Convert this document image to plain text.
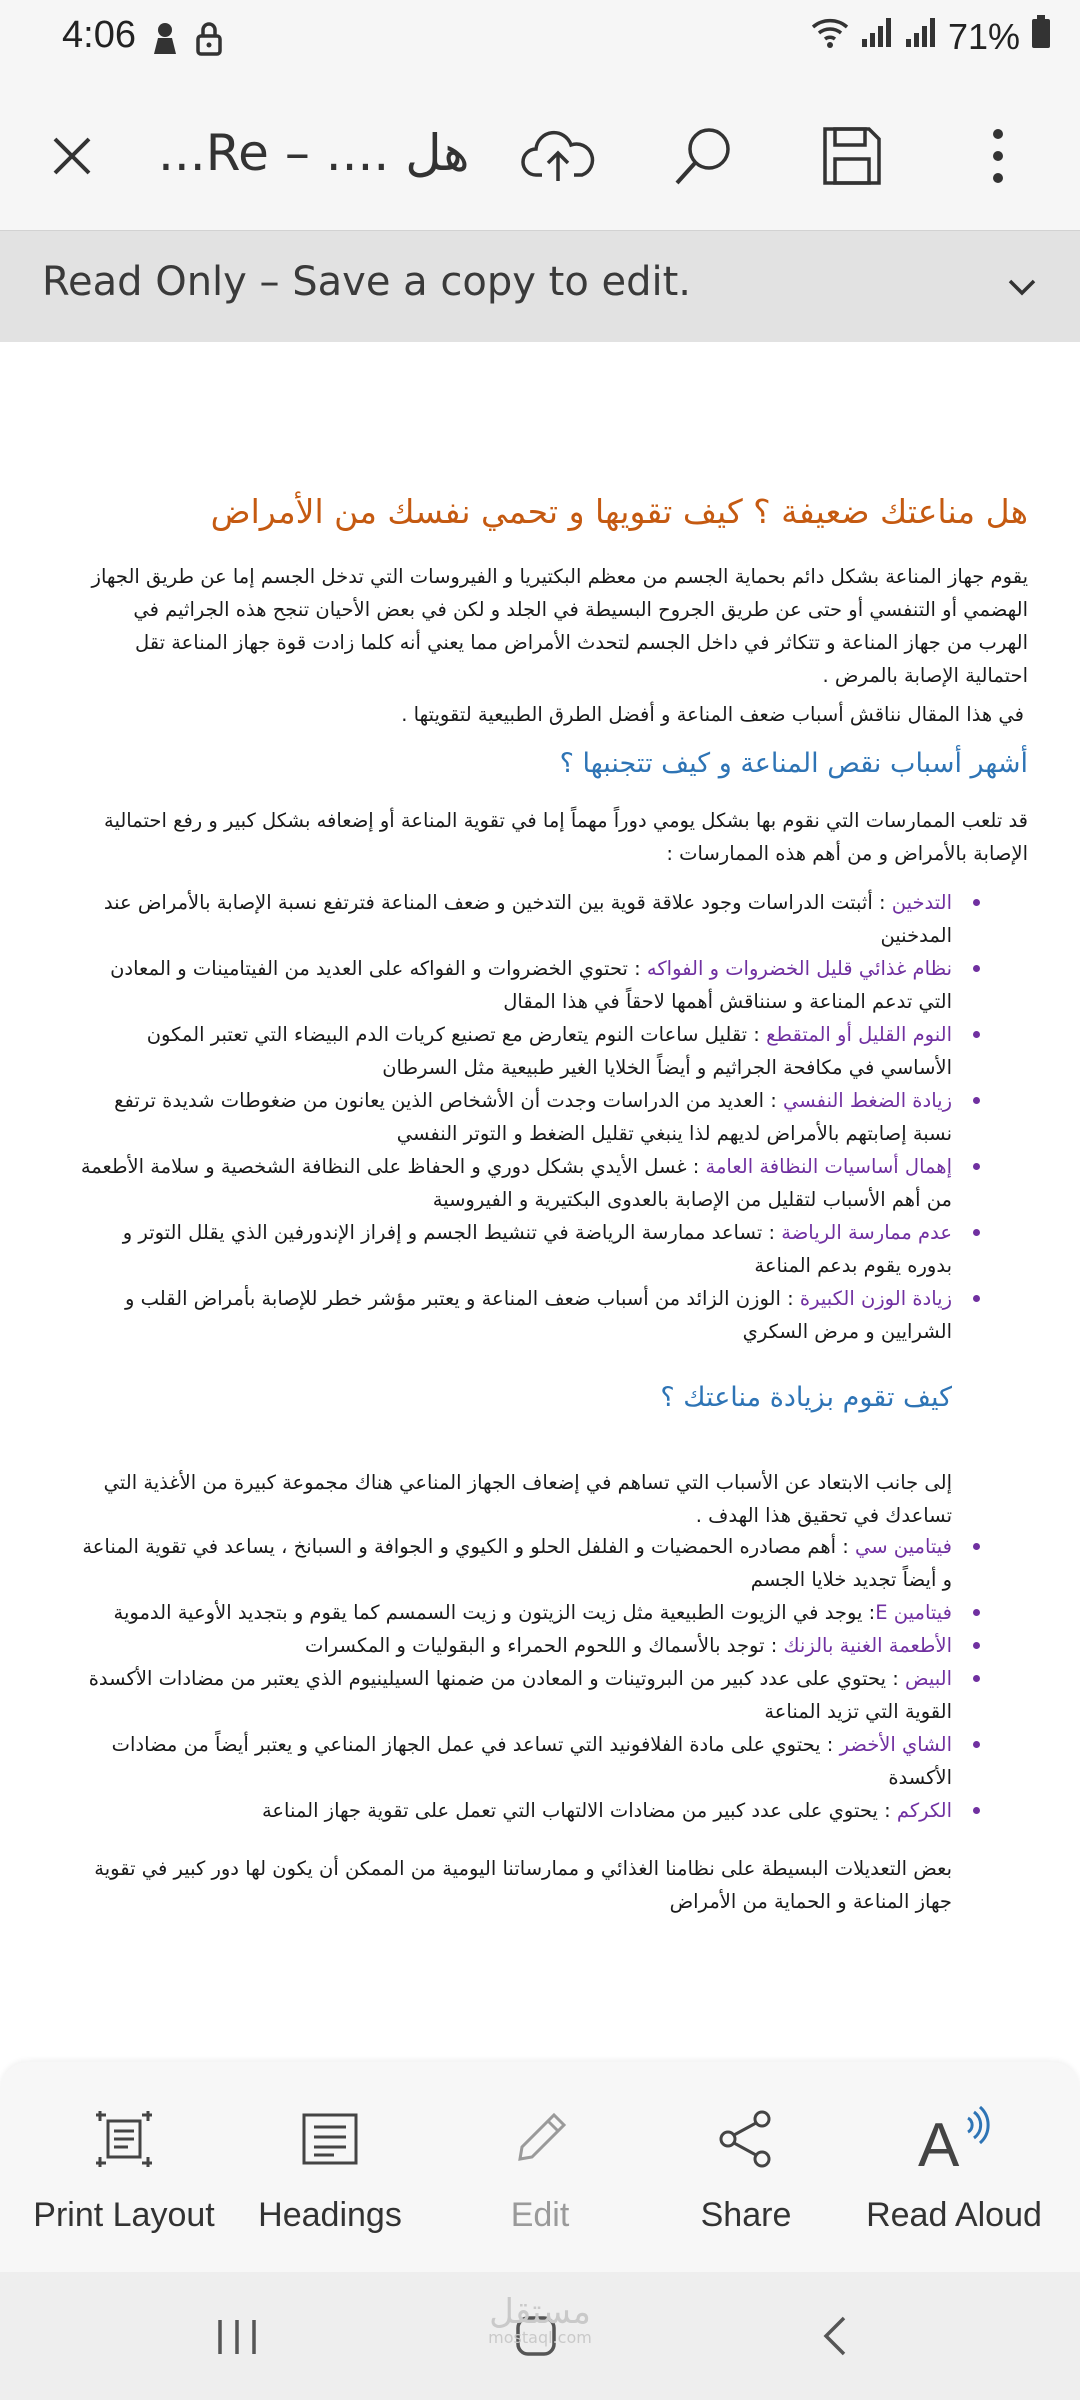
4:06	71%
هل .... – Re...
Read Only – Save a copy to edit.
هل مناعتك ضعيفة ؟ كيف تقويها و تحمي نفسك من الأمراض
يقوم جهاز المناعة بشكل دائم بحماية الجسم من معظم البكتيريا و الفيروسات التي تدخل الجسم إما عن طريق الجهاز الهضمي أو التنفسي أو حتى عن طريق الجروح البسيطة في الجلد و لكن في بعض الأحيان تنجح هذه الجراثيم في الهرب من جهاز المناعة و تتكاثر في داخل الجسم لتحدث الأمراض مما يعني أنه كلما زادت قوة جهاز المناعة تقل احتمالية الإصابة بالمرض .
في هذا المقال نناقش أسباب ضعف المناعة و أفضل الطرق الطبيعية لتقويتها .
أشهر أسباب نقص المناعة و كيف تتجنبها ؟
قد تلعب الممارسات التي نقوم بها بشكل يومي دوراً مهماً إما في تقوية المناعة أو إضعافه بشكل كبير و رفع احتمالية الإصابة بالأمراض و من أهم هذه الممارسات :
التدخين : أثبتت الدراسات وجود علاقة قوية بين التدخين و ضعف المناعة فترتفع نسبة الإصابة بالأمراض عند المدخنين
نظام غذائي قليل الخضروات و الفواكه : تحتوي الخضروات و الفواكه على العديد من الفيتامينات و المعادن التي تدعم المناعة و سنناقش أهمها لاحقاً في هذا المقال
النوم القليل أو المتقطع : تقليل ساعات النوم يتعارض مع تصنيع كريات الدم البيضاء التي تعتبر المكون الأساسي في مكافحة الجراثيم و أيضاً الخلايا الغير طبيعية مثل السرطان
زيادة الضغط النفسي : العديد من الدراسات وجدت أن الأشخاص الذين يعانون من ضغوطات شديدة ترتفع نسبة إصابتهم بالأمراض لديهم لذا ينبغي تقليل الضغط و التوتر النفسي
إهمال أساسيات النظافة العامة : غسل الأيدي بشكل دوري و الحفاظ على النظافة الشخصية و سلامة الأطعمة من أهم الأسباب لتقليل من الإصابة بالعدوى البكتيرية و الفيروسية
عدم ممارسة الرياضة : تساعد ممارسة الرياضة في تنشيط الجسم و إفراز الإندورفين الذي يقلل التوتر و بدوره يقوم بدعم المناعة
زيادة الوزن الكبيرة : الوزن الزائد من أسباب ضعف المناعة و يعتبر مؤشر خطر للإصابة بأمراض القلب و الشرايين و مرض السكري
كيف تقوم بزيادة مناعتك ؟
إلى جانب الابتعاد عن الأسباب التي تساهم في إضعاف الجهاز المناعي هناك مجموعة كبيرة من الأغذية التي تساعدك في تحقيق هذا الهدف .
فيتامين سي : أهم مصادره الحمضيات و الفلفل الحلو و الكيوي و الجوافة و السبانخ ، يساعد في تقوية المناعة و أيضاً تجديد خلايا الجسم
فيتامين E: يوجد في الزيوت الطبيعية مثل زيت الزيتون و زيت السمسم كما يقوم و بتجديد الأوعية الدموية
الأطعمة الغنية بالزنك : توجد بالأسماك و اللحوم الحمراء و البقوليات و المكسرات
البيض : يحتوي على عدد كبير من البروتينات و المعادن من ضمنها السيلينيوم الذي يعتبر من مضادات الأكسدة القوية التي تزيد المناعة
الشاي الأخضر : يحتوي على مادة الفلافونيد التي تساعد في عمل الجهاز المناعي و يعتبر أيضاً من مضادات الأكسدة
الكركم : يحتوي على عدد كبير من مضادات الالتهاب التي تعمل على تقوية جهاز المناعة
بعض التعديلات البسيطة على نظامنا الغذائي و ممارساتنا اليومية من الممكن أن يكون لها دور كبير في تقوية جهاز المناعة و الحماية من الأمراض
Print Layout	Headings	Edit	Share
A
Read Aloud
مستقل
mostaql.com
